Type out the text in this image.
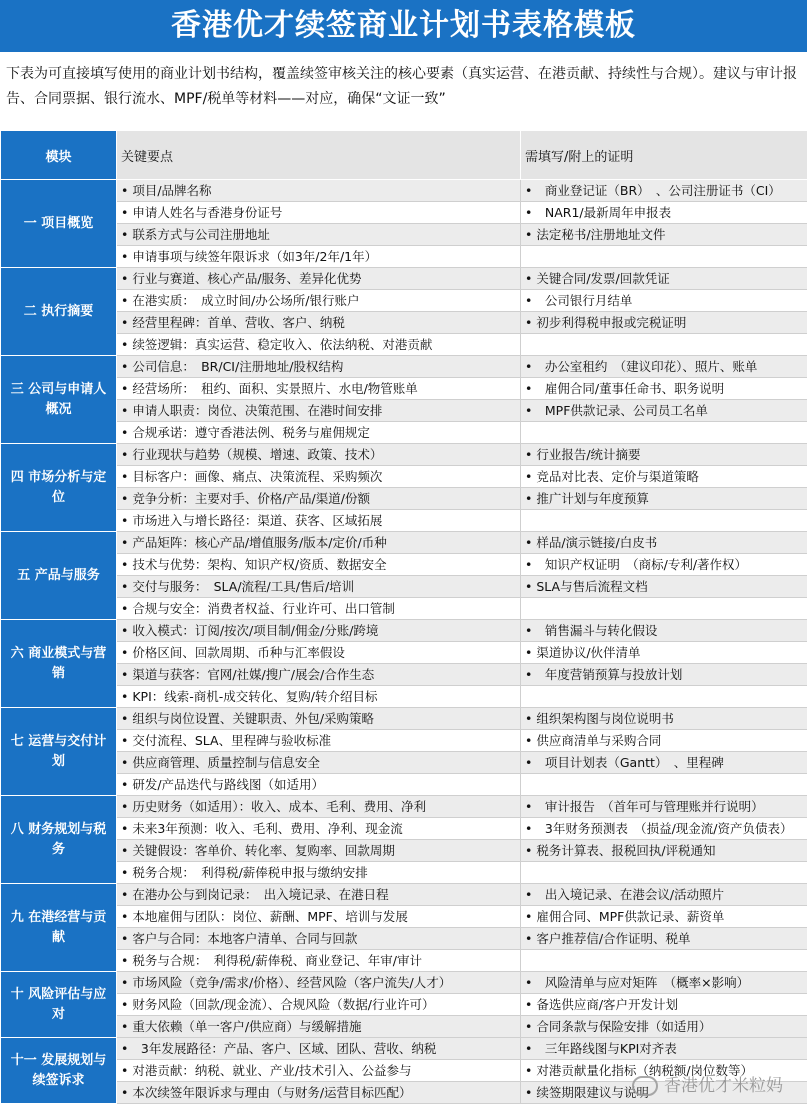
香港优才续签商业计划书表格模板
下表为可直接填写使用的商业计划书结构，覆盖续签审核关注的核心要素（真实运营、在港贡献、持续性与合规）。建议与审计报告、合同票据、银行流水、MPF/税单等材料——对应，确保“文证一致”
模块	关键要点	需填写/附上的证明
一 项目概览	• 项目/品牌名称	•　商业登记证（BR）　、公司注册证书（CI）
	• 申请人姓名与香港身份证号	•　NAR1/最新周年申报表
	• 联系方式与公司注册地址	• 法定秘书/注册地址文件
	• 申请事项与续签年限诉求（如3年/2年/1年）	
二 执行摘要	• 行业与赛道、核心产品/服务、差异化优势	• 关键合同/发票/回款凭证
	• 在港实质：　成立时间/办公场所/银行账户	•　公司银行月结单
	• 经营里程碑：首单、营收、客户、纳税	• 初步利得税申报或完税证明
	• 续签逻辑：真实运营、稳定收入、依法纳税、对港贡献	
三 公司与申请人概况	• 公司信息：　BR/CI/注册地址/股权结构	•　办公室租约　（建议印花）、照片、账单
	• 经营场所：　租约、面积、实景照片、水电/物管账单	•　雇佣合同/董事任命书、职务说明
	• 申请人职责：岗位、决策范围、在港时间安排	•　MPF供款记录、公司员工名单
	• 合规承诺：遵守香港法例、税务与雇佣规定	
四 市场分析与定位	• 行业现状与趋势（规模、增速、政策、技术）	• 行业报告/统计摘要
	• 目标客户：画像、痛点、决策流程、采购频次	• 竞品对比表、定价与渠道策略
	• 竞争分析：主要对手、价格/产品/渠道/份额	• 推广计划与年度预算
	• 市场进入与增长路径：渠道、获客、区域拓展	
五 产品与服务	• 产品矩阵：核心产品/增值服务/版本/定价/币种	• 样品/演示链接/白皮书
	• 技术与优势：架构、知识产权/资质、数据安全	•　知识产权证明　（商标/专利/著作权）
	• 交付与服务：　SLA/流程/工具/售后/培训	• SLA与售后流程文档
	• 合规与安全：消费者权益、行业许可、出口管制	
六 商业模式与营销	• 收入模式：订阅/按次/项目制/佣金/分账/跨境	•　销售漏斗与转化假设
	• 价格区间、回款周期、币种与汇率假设	• 渠道协议/伙伴清单
	• 渠道与获客：官网/社媒/搜广/展会/合作生态	•　年度营销预算与投放计划
	• KPI：线索-商机-成交转化、复购/转介绍目标	
七 运营与交付计划	• 组织与岗位设置、关键职责、外包/采购策略	• 组织架构图与岗位说明书
	• 交付流程、SLA、里程碑与验收标准	• 供应商清单与采购合同
	• 供应商管理、质量控制与信息安全	•　项目计划表（Gantt）　、里程碑
	• 研发/产品迭代与路线图（如适用）	
八 财务规划与税务	• 历史财务（如适用）：收入、成本、毛利、费用、净利	•　审计报告　（首年可与管理账并行说明）
	• 未来3年预测：收入、毛利、费用、净利、现金流	•　3年财务预测表　（损益/现金流/资产负债表）
	• 关键假设：客单价、转化率、复购率、回款周期	• 税务计算表、报税回执/评税通知
	• 税务合规：　利得税/薪俸税申报与缴纳安排	
九 在港经营与贡献	• 在港办公与到岗记录：　出入境记录、在港日程	•　出入境记录、在港会议/活动照片
	• 本地雇佣与团队：岗位、薪酬、MPF、培训与发展	• 雇佣合同、MPF供款记录、薪资单
	• 客户与合同：本地客户清单、合同与回款	• 客户推荐信/合作证明、税单
	• 税务与合规：　利得税/薪俸税、商业登记、年审/审计	
十 风险评估与应对	• 市场风险（竞争/需求/价格）、经营风险（客户流失/人才）	•　风险清单与应对矩阵　（概率×影响）
	• 财务风险（回款/现金流）、合规风险（数据/行业许可）	• 备选供应商/客户开发计划
	• 重大依赖（单一客户/供应商）与缓解措施	• 合同条款与保险安排（如适用）
十一 发展规划与续签诉求	•　3年发展路径：产品、客户、区域、团队、营收、纳税	•　三年路线图与KPI对齐表
	• 对港贡献：纳税、就业、产业/技术引入、公益参与	• 对港贡献量化指标（纳税额/岗位数等）
	• 本次续签年限诉求与理由（与财务/运营目标匹配）	• 续签期限建议与说明 香港优才米粒妈
